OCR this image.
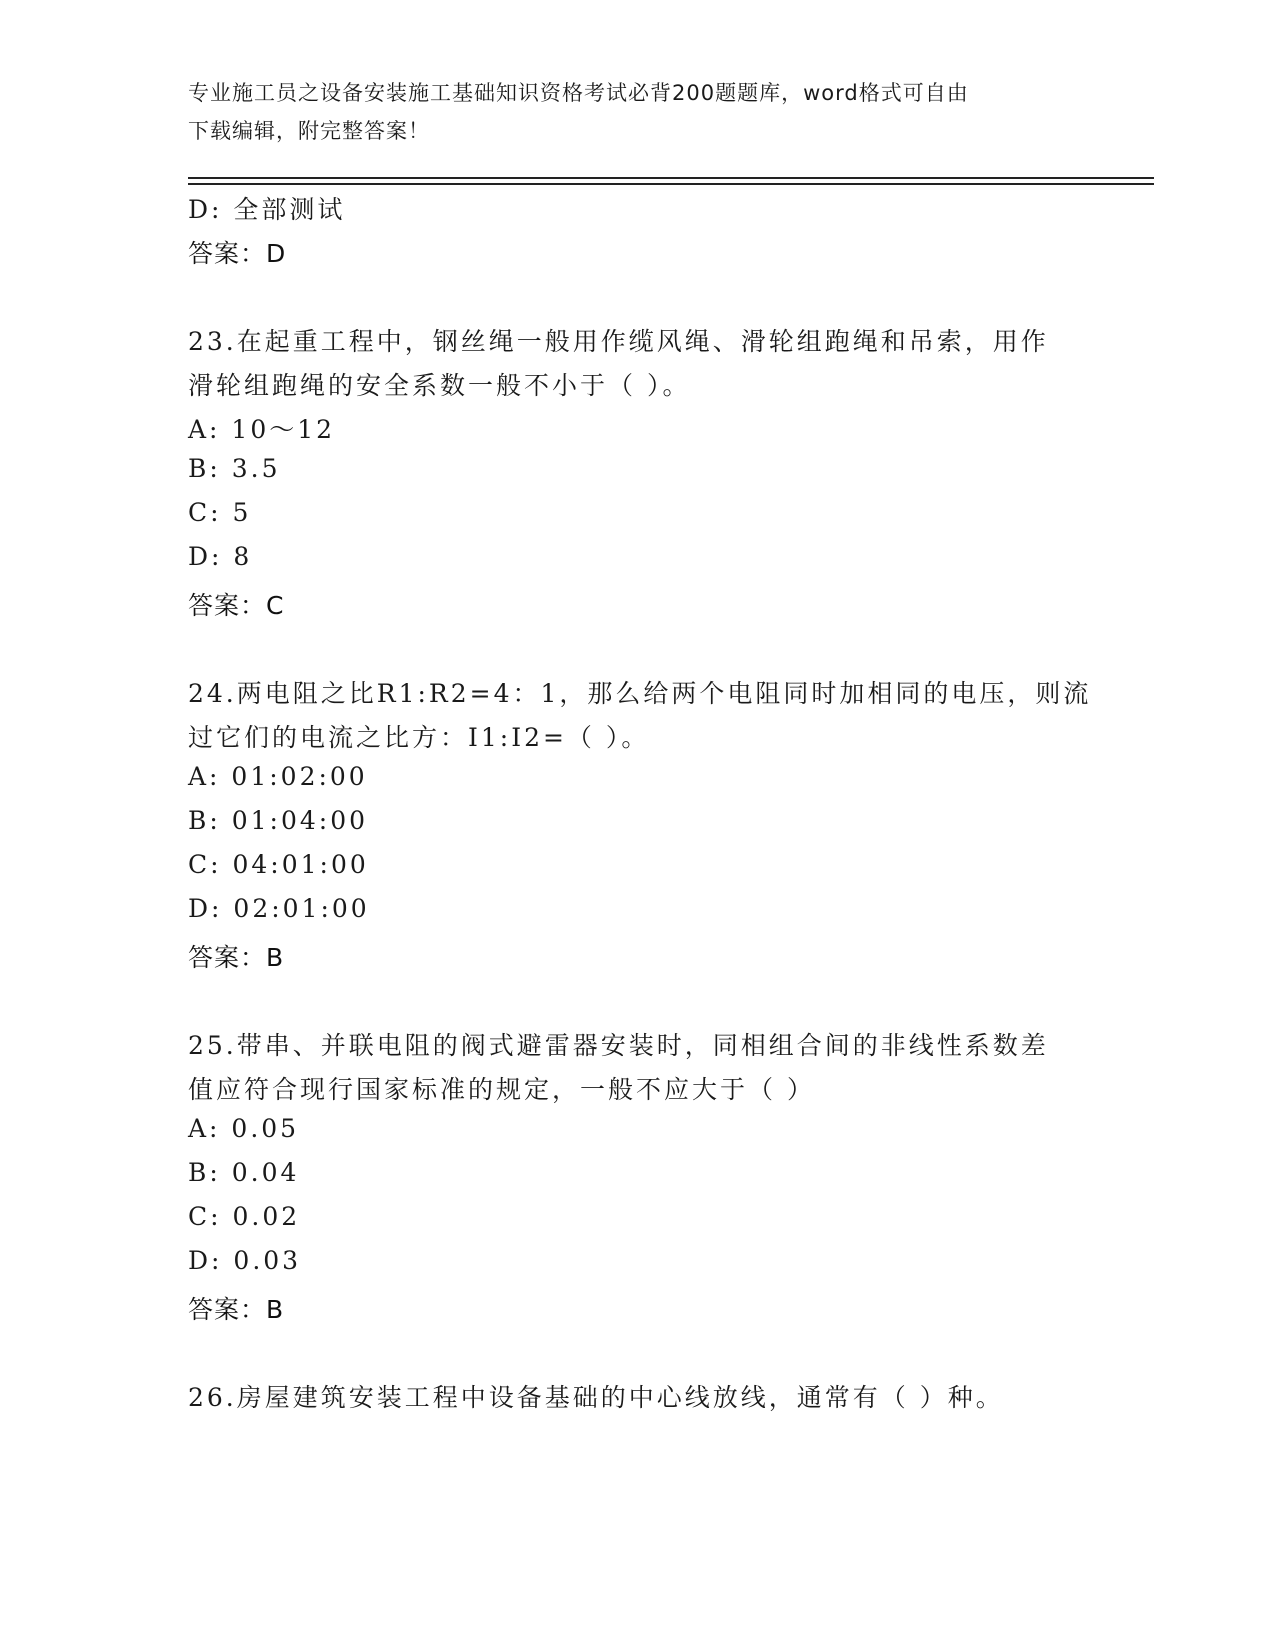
专业施工员之设备安装施工基础知识资格考试必背200题题库，word格式可自由
下载编辑，附完整答案！
D: 全部测试
答案：D
23.在起重工程中，钢丝绳一般用作缆风绳、滑轮组跑绳和吊索，用作
滑轮组跑绳的安全系数一般不小于（ ）。
A: 10～12
B: 3.5
C: 5
D: 8
答案：C
24.两电阻之比R1:R2=4：1，那么给两个电阻同时加相同的电压，则流
过它们的电流之比方：I1:I2=（ ）。
A: 01:02:00
B: 01:04:00
C: 04:01:00
D: 02:01:00
答案：B
25.带串、并联电阻的阀式避雷器安装时，同相组合间的非线性系数差
值应符合现行国家标准的规定，一般不应大于（ ）
A: 0.05
B: 0.04
C: 0.02
D: 0.03
答案：B
26.房屋建筑安装工程中设备基础的中心线放线，通常有（ ）种。
